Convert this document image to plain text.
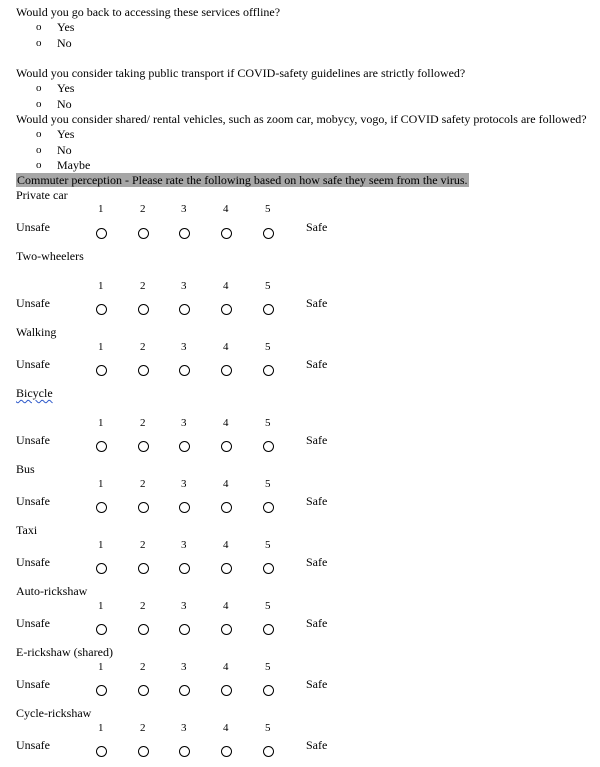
Would you go back to accessing these services offline?
o Yes
o No
Would you consider taking public transport if COVID-safety guidelines are strictly followed?
o Yes
o No
Would you consider shared/ rental vehicles, such as zoom car, mobycy, vogo, if COVID safety protocols are followed?
o Yes
o No
o Maybe
Commuter perception - Please rate the following based on how safe they seem from the virus.
Private car
1	2	3	4	5
Unsafe	Safe
Two-wheelers
1	2	3	4	5
Unsafe	Safe
Walking
1	2	3	4	5
Unsafe	Safe
Bicycle
1	2	3	4	5
Unsafe	Safe
Bus
1	2	3	4	5
Unsafe	Safe
Taxi
1	2	3	4	5
Unsafe	Safe
Auto-rickshaw
1	2	3	4	5
Unsafe	Safe
E-rickshaw (shared)
1	2	3	4	5
Unsafe	Safe
Cycle-rickshaw
1	2	3	4	5
Unsafe	Safe
